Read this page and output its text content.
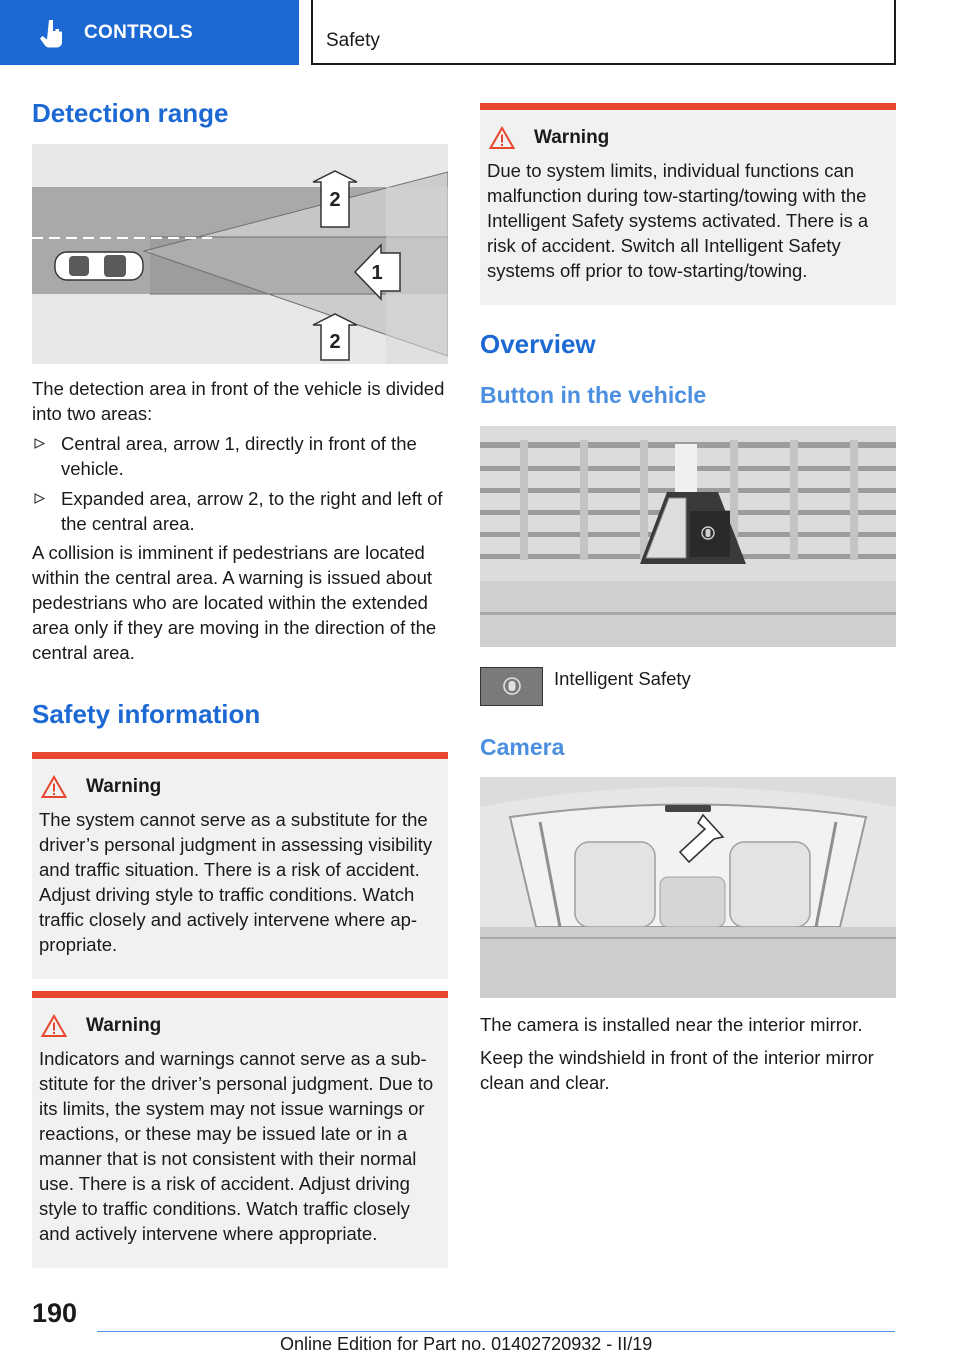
CONTROLS	Safety
Detection range
2
1
2

The detection area in front of the vehicle is divided into two areas:

Central area, arrow 1, directly in front of the vehicle.
Expanded area, arrow 2, to the right and left of the central area.

A collision is imminent if pedestrians are located within the central area. A warning is issued about pedestrians who are located within the extended area only if they are moving in the direction of the central area.

Safety information
Warning

The system cannot serve as a substitute for the driver’s personal judgment in assessing visibility and traffic situation. There is a risk of accident. Adjust driving style to traffic conditions. Watch traffic closely and actively intervene where appropriate.

Warning

Indicators and warnings cannot serve as a substitute for the driver’s personal judgment. Due to its limits, the system may not issue warnings or reactions, or these may be issued late or in a manner that is not consistent with their normal use. There is a risk of accident. Adjust driving style to traffic conditions. Watch traffic closely and actively intervene where appropriate.

Warning

Due to system limits, individual functions can malfunction during tow-starting/towing with the Intelligent Safety systems activated. There is a risk of accident. Switch all Intelligent Safety systems off prior to tow-starting/towing.

Overview
Button in the vehicle
Intelligent Safety
Camera

The camera is installed near the interior mirror.

Keep the windshield in front of the interior mirror clean and clear.

190
Online Edition for Part no. 01402720932 - II/19
